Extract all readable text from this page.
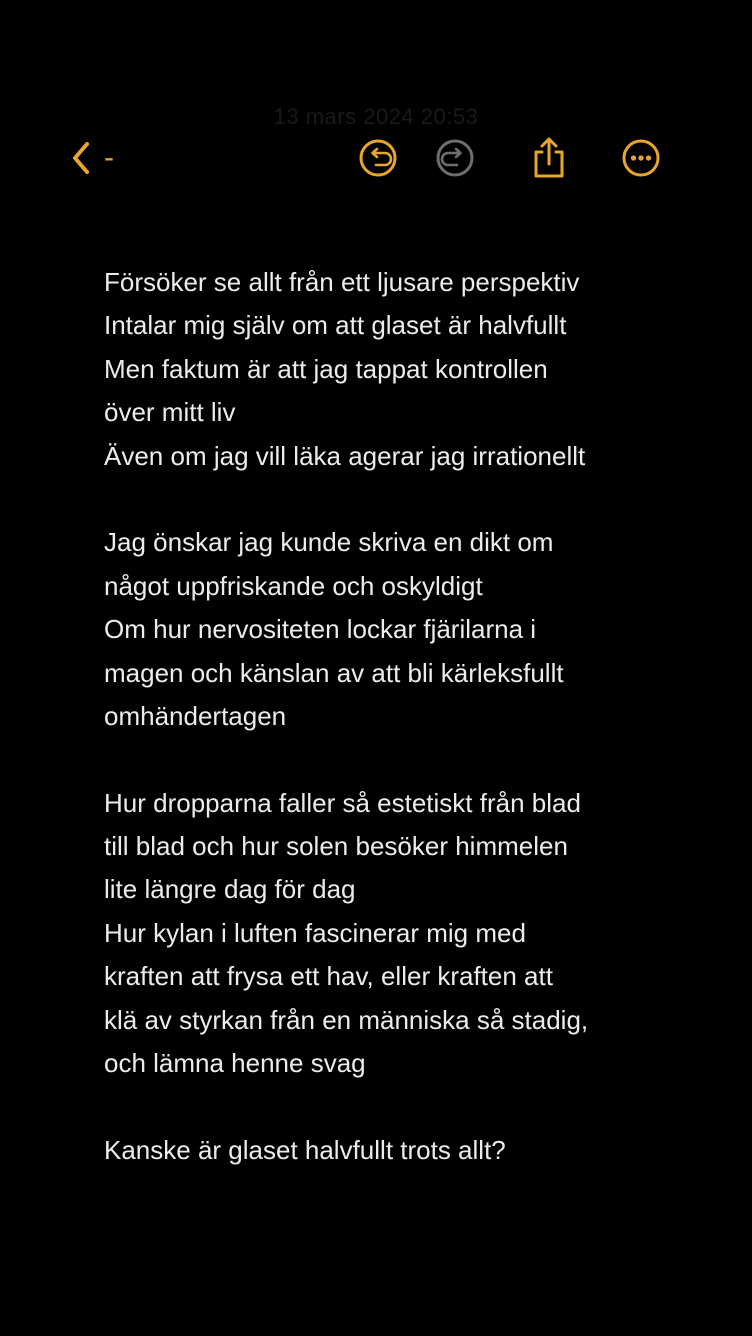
13 mars 2024 20:53
-
Försöker se allt från ett ljusare perspektiv
Intalar mig själv om att glaset är halvfullt
Men faktum är att jag tappat kontrollen
över mitt liv
Även om jag vill läka agerar jag irrationellt
Jag önskar jag kunde skriva en dikt om
något uppfriskande och oskyldigt
Om hur nervositeten lockar fjärilarna i
magen och känslan av att bli kärleksfullt
omhändertagen
Hur dropparna faller så estetiskt från blad
till blad och hur solen besöker himmelen
lite längre dag för dag
Hur kylan i luften fascinerar mig med
kraften att frysa ett hav, eller kraften att
klä av styrkan från en människa så stadig,
och lämna henne svag
Kanske är glaset halvfullt trots allt?
